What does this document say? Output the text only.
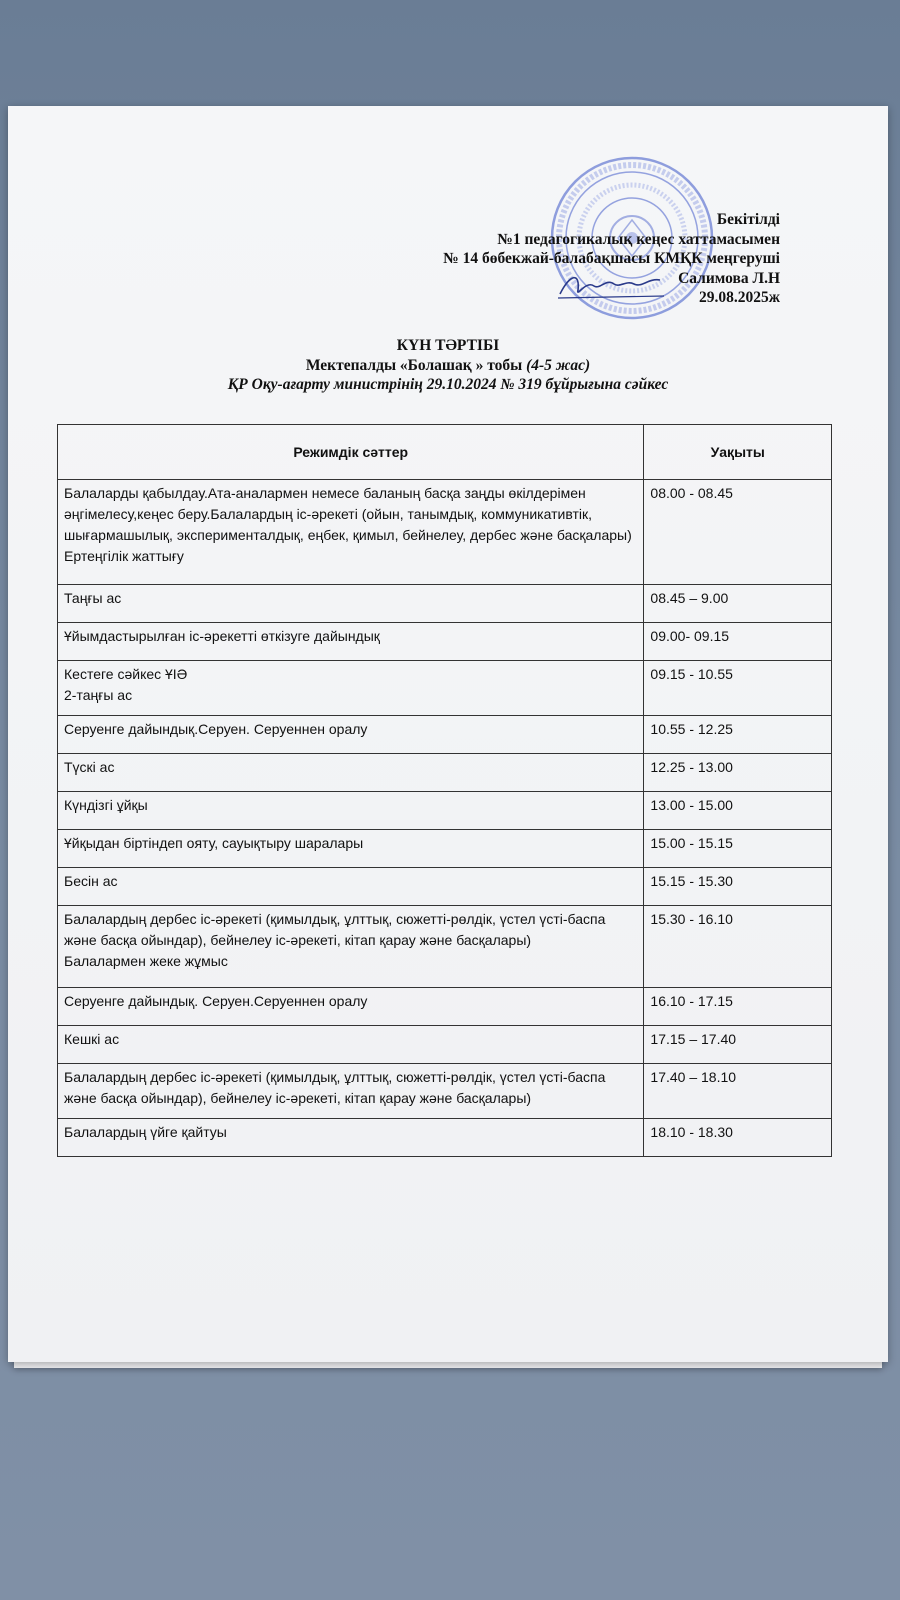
Бекітілді
№1 педагогикалық кеңес хаттамасымен
№ 14 бөбекжай-балабақшасы КМҚК меңгеруші
Салимова Л.Н
29.08.2025ж
КҮН ТӘРТІБІ
Мектепалды «Болашақ » тобы (4-5 жас)
ҚР Оқу-ағарту министрінің 29.10.2024 № 319 бұйрығына сәйкес
Режимдік сәттер	Уақыты
Балаларды қабылдау.Ата-аналармен немесе баланың басқа заңды өкілдерімен әңгімелесу,кеңес беру.Балалардың іс-әрекеті (ойын, танымдық, коммуникативтік, шығармашылық, эксперименталдық, еңбек, қимыл, бейнелеу, дербес және басқалары) Ертеңгілік жаттығу	08.00 - 08.45
Таңғы ас	08.45 – 9.00
Ұйымдастырылған іс-әрекетті өткізуге дайындық	09.00- 09.15

Кестеге сәйкес ҰІӘ
2-таңғы ас	09.15 - 10.55
Серуенге дайындық.Серуен. Серуеннен оралу	10.55 - 12.25
Түскі ас	12.25 - 13.00
Күндізгі ұйқы	13.00 - 15.00
Ұйқыдан біртіндеп ояту, сауықтыру шаралары	15.00 - 15.15
Бесін ас	15.15 - 15.30

Балалардың дербес іс-әрекеті (қимылдық, ұлттық, сюжетті-рөлдік, үстел үсті-баспа және басқа ойындар), бейнелеу іс-әрекеті, кітап қарау және басқалары)
Балалармен жеке жұмыс	15.30 - 16.10
Серуенге дайындық. Серуен.Серуеннен оралу	16.10 - 17.15
Кешкі ас	17.15 – 17.40
Балалардың дербес іс-әрекеті (қимылдық, ұлттық, сюжетті-рөлдік, үстел үсті-баспа және басқа ойындар), бейнелеу іс-әрекеті, кітап қарау және басқалары)	17.40 – 18.10
Балалардың үйге қайтуы	18.10 - 18.30
